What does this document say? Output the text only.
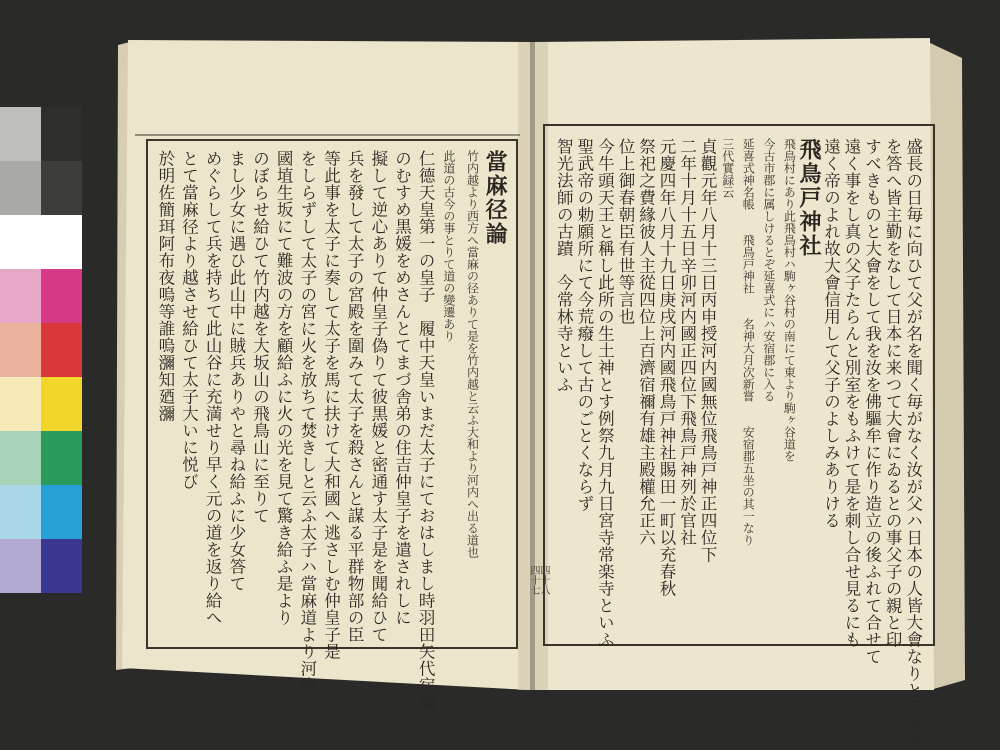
盛長の日毎に向ひて父が名を聞く毎がなく汝が父ハ日本の人皆大會なりと云ふ由
を答へ皆主勤をなして日本に来つて大會にゐるとの事父子の親と印
すべきものと大會をして我を汝を佛驅牟に作り造立の後ふれて合せて
遠く事をし真の父子たらんと別室をもふけて是を刺し合せ見るにも
遠く帝のよれ故大會信用して父子のよしみありける
飛鳥戸神社
飛鳥村にあり此飛鳥村ハ駒ヶ谷村の南にて東より駒ヶ谷道を
今古市郡に属しけるとぞ延喜式にハ安宿郡に入る
延喜式神名帳　　飛鳥戸神社　　名神大月次新嘗　　安宿郡五坐の其一なり
三代實録云
貞觀元年八月十三日丙申授河内國無位飛鳥戸神正四位下
二年十月十五日辛卯河内國正四位下飛鳥戸神列於官社
元慶四年八月十九日庚戌河内國飛鳥戸神社賜田一町以充春秋
祭祀之費緣彼人主從四位上百濟宿禰有雄主殿權允正六
位上御春朝臣有世等言也
今牛頭天王と稱し此所の生土神とす例祭九月九日宮寺常楽寺といふ
聖武帝の勅願所にて今荒癈して古のごとくならず
智光法師の古蹟　今常林寺といふ
當麻径論
竹内越より西方へ當麻の径ありて是を竹内越と云ふ大和より河内へ出る道也
此道の古今の事とりて道の變遷あり
仁德天皇第一の皇子　履中天皇いまだ太子にておはしまし時羽田矢代宿禰
のむすめ黒媛をめさんとてまづ舎弟の住吉仲皇子を遣されしに
擬して逆心ありて仲皇子偽りて彼黒媛と密通す太子是を聞給ひて
兵を發して太子の宮殿を圍みて太子を殺さんと謀る平群物部の臣
等此事を太子に奏して太子を馬に扶けて大和國へ逃さしむ仲皇子是
をしらずして太子の宮に火を放ちて焚きしと云ふ太子ハ當麻道より河内の
國埴生坂にて難波の方を顧給ふに火の光を見て驚き給ふ是より
のぼらせ給ひて竹内越を大坂山の飛鳥山に至りて
まし少女に遇ひ此山中に賊兵ありやと尋ね給ふに少女答て
めぐらして兵を持ちて此山谷に充満せり早く元の道を返り給へ
とて當麻径より越させ給ひて太子大いに悦び
於明佐簡珥阿布夜嗚等誰嗚瀰知廼瀰
四十七 四十八
